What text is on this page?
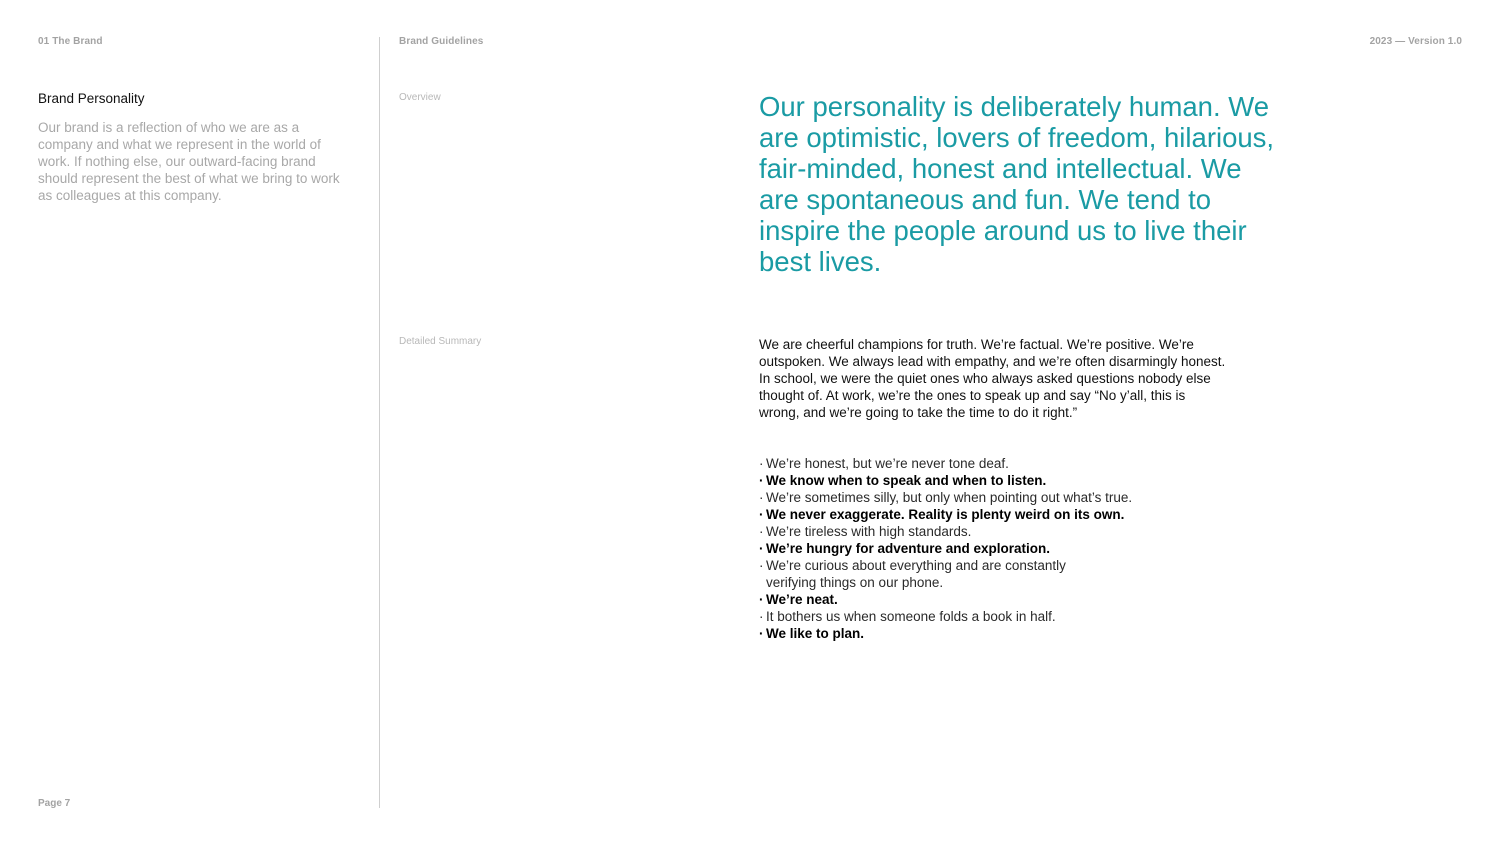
01 The Brand	Brand Guidelines	2023 — Version 1.0
Brand Personality

Our brand is a reflection of who we are as a company and what we represent in the world of work. If nothing else, our outward-facing brand should represent the best of what we bring to work as colleagues at this company.

Page 7
Overview	Our personality is deliberately human. We are optimistic, lovers of freedom, hilarious, fair-minded, honest and intellectual. We are spontaneous and fun. We tend to inspire the people around us to live their best lives.

Detailed Summary	We are cheerful champions for truth. We’re factual. We’re positive. We’re outspoken. We always lead with empathy, and we’re often disarmingly honest. In school, we were the quiet ones who always asked questions nobody else thought of. At work, we’re the ones to speak up and say “No y’all, this is wrong, and we’re going to take the time to do it right.”

· We’re honest, but we’re never tone deaf.
· We know when to speak and when to listen.
· We’re sometimes silly, but only when pointing out what’s true.
· We never exaggerate. Reality is plenty weird on its own.
· We’re tireless with high standards.
· We’re hungry for adventure and exploration.
· We’re curious about everything and are constantly verifying things on our phone.
· We’re neat.
· It bothers us when someone folds a book in half.
· We like to plan.
